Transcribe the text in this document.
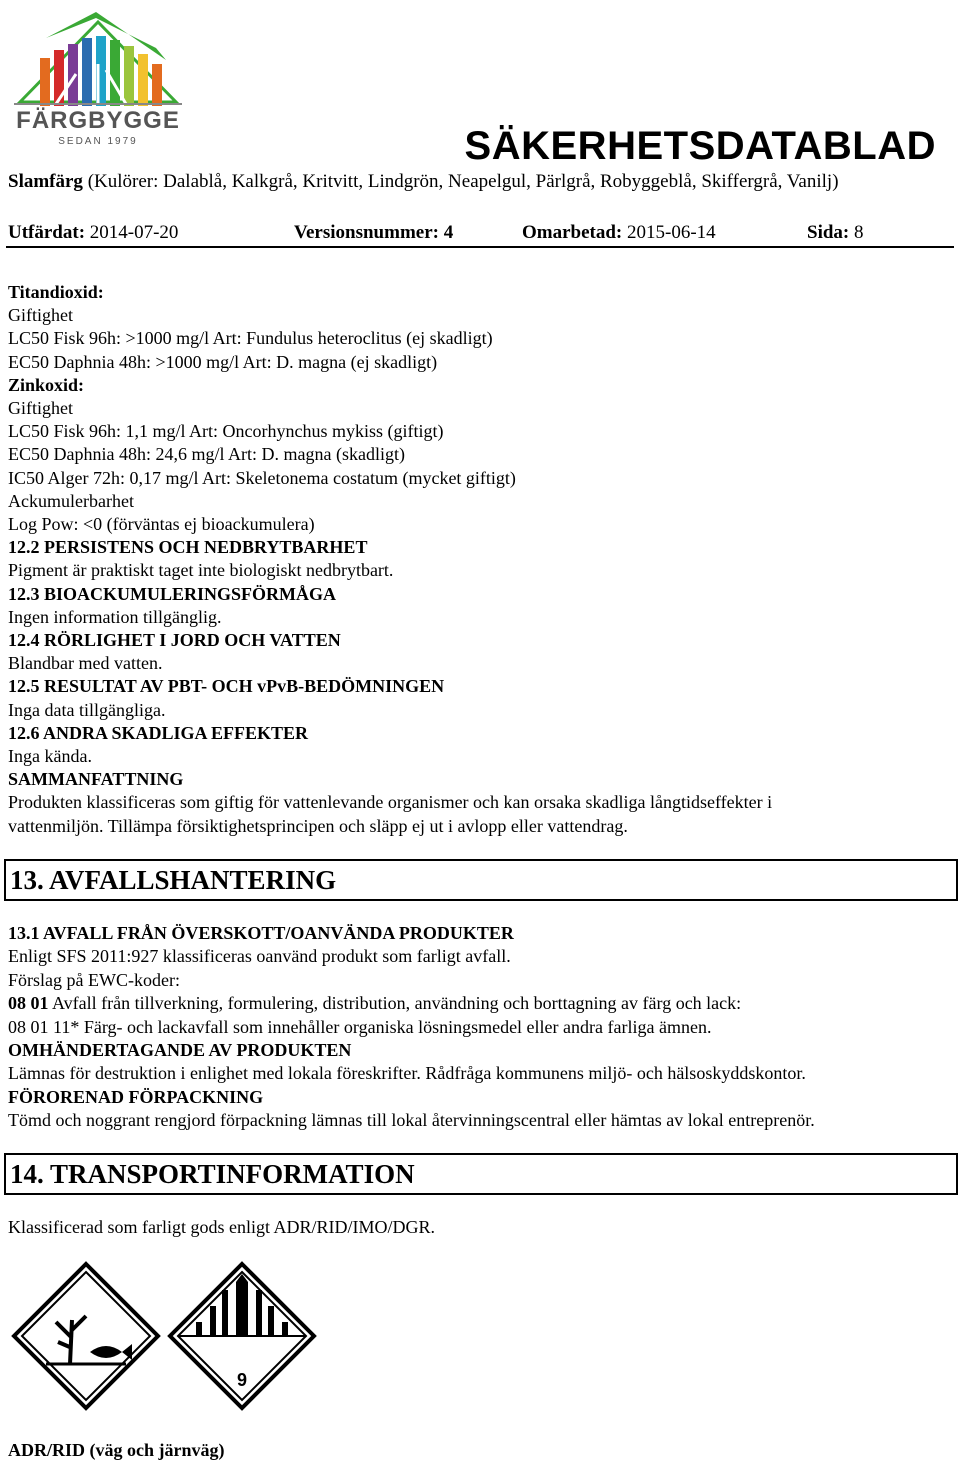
FÄRGBYGGE
SEDAN 1979	SÄKERHETSDATABLAD
Slamfärg (Kulörer: Dalablå, Kalkgrå, Kritvitt, Lindgrön, Neapelgul, Pärlgrå, Robyggeblå, Skiffergrå, Vanilj)
Utfärdat: 2014-07-20	Versionsnummer: 4	Omarbetad: 2015-06-14	Sida: 8

Titandioxid:

Giftighet

LC50 Fisk 96h: >1000 mg/l Art: Fundulus heteroclitus (ej skadligt)

EC50 Daphnia 48h: >1000 mg/l Art: D. magna (ej skadligt)

Zinkoxid:

Giftighet

LC50 Fisk 96h: 1,1 mg/l Art: Oncorhynchus mykiss (giftigt)

EC50 Daphnia 48h: 24,6 mg/l Art: D. magna (skadligt)

IC50 Alger 72h: 0,17 mg/l Art: Skeletonema costatum (mycket giftigt)

Ackumulerbarhet

Log Pow: <0 (förväntas ej bioackumulera)

12.2 PERSISTENS OCH NEDBRYTBARHET

Pigment är praktiskt taget inte biologiskt nedbrytbart.

12.3 BIOACKUMULERINGSFÖRMÅGA

Ingen information tillgänglig.

12.4 RÖRLIGHET I JORD OCH VATTEN

Blandbar med vatten.

12.5 RESULTAT AV PBT- OCH vPvB-BEDÖMNINGEN

Inga data tillgängliga.

12.6 ANDRA SKADLIGA EFFEKTER

Inga kända.

SAMMANFATTNING

Produkten klassificeras som giftig för vattenlevande organismer och kan orsaka skadliga långtidseffekter i

vattenmiljön. Tillämpa försiktighetsprincipen och släpp ej ut i avlopp eller vattendrag.

13. AVFALLSHANTERING

13.1 AVFALL FRÅN ÖVERSKOTT/OANVÄNDA PRODUKTER

Enligt SFS 2011:927 klassificeras oanvänd produkt som farligt avfall.

Förslag på EWC-koder:

08 01 Avfall från tillverkning, formulering, distribution, användning och borttagning av färg och lack:

08 01 11* Färg- och lackavfall som innehåller organiska lösningsmedel eller andra farliga ämnen.

OMHÄNDERTAGANDE AV PRODUKTEN

Lämnas för destruktion i enlighet med lokala föreskrifter. Rådfråga kommunens miljö- och hälsoskyddskontor.

FÖRORENAD FÖRPACKNING

Tömd och noggrant rengjord förpackning lämnas till lokal återvinningscentral eller hämtas av lokal entreprenör.

14. TRANSPORTINFORMATION
Klassificerad som farligt gods enligt ADR/RID/IMO/DGR.
9
ADR/RID (väg och järnväg)
